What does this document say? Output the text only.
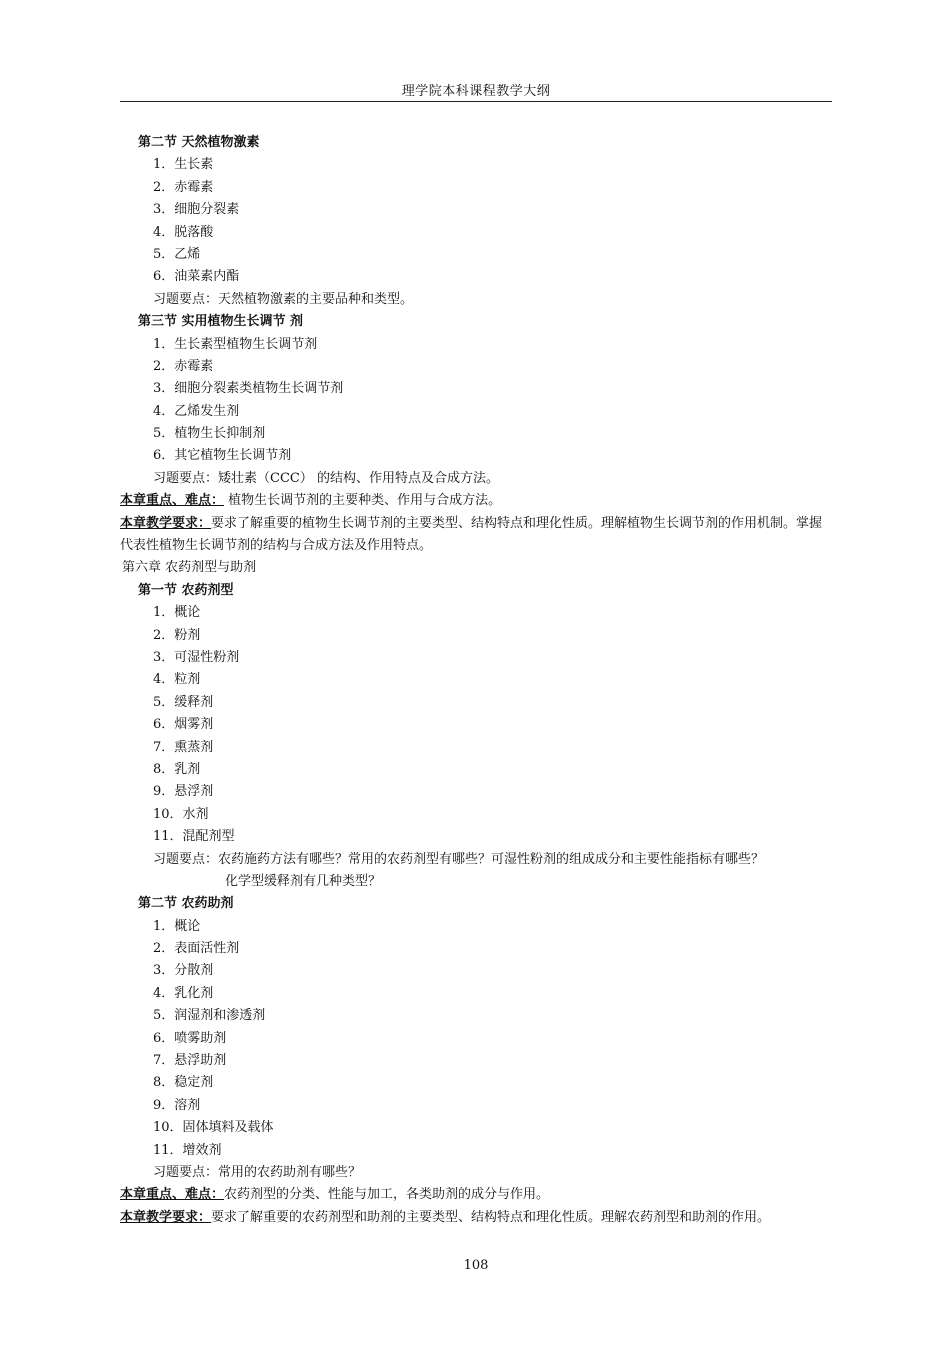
理学院本科课程教学大纲
第二节 天然植物激素
1．生长素
2．赤霉素
3．细胞分裂素
4．脱落酸
5．乙烯
6．油菜素内酯
习题要点：天然植物激素的主要品种和类型。
第三节 实用植物生长调节 剂
1．生长素型植物生长调节剂
2．赤霉素
3．细胞分裂素类植物生长调节剂
4．乙烯发生剂
5．植物生长抑制剂
6．其它植物生长调节剂
习题要点：矮壮素（CCC） 的结构、作用特点及合成方法。
本章重点、难点： 植物生长调节剂的主要种类、作用与合成方法。
本章教学要求：要求了解重要的植物生长调节剂的主要类型、结构特点和理化性质。理解植物生长调节剂的作用机制。掌握代表性植物生长调节剂的结构与合成方法及作用特点。
第六章 农药剂型与助剂
第一节 农药剂型
1．概论
2．粉剂
3．可湿性粉剂
4．粒剂
5．缓释剂
6．烟雾剂
7．熏蒸剂
8．乳剂
9．悬浮剂
10．水剂
11．混配剂型
习题要点：农药施药方法有哪些？常用的农药剂型有哪些？可湿性粉剂的组成成分和主要性能指标有哪些？
化学型缓释剂有几种类型？
第二节 农药助剂
1．概论
2．表面活性剂
3．分散剂
4．乳化剂
5．润湿剂和渗透剂
6．喷雾助剂
7．悬浮助剂
8．稳定剂
9．溶剂
10．固体填料及载体
11．增效剂
习题要点：常用的农药助剂有哪些？
本章重点、难点：农药剂型的分类、性能与加工，各类助剂的成分与作用。
本章教学要求：要求了解重要的农药剂型和助剂的主要类型、结构特点和理化性质。理解农药剂型和助剂的作用。
108
